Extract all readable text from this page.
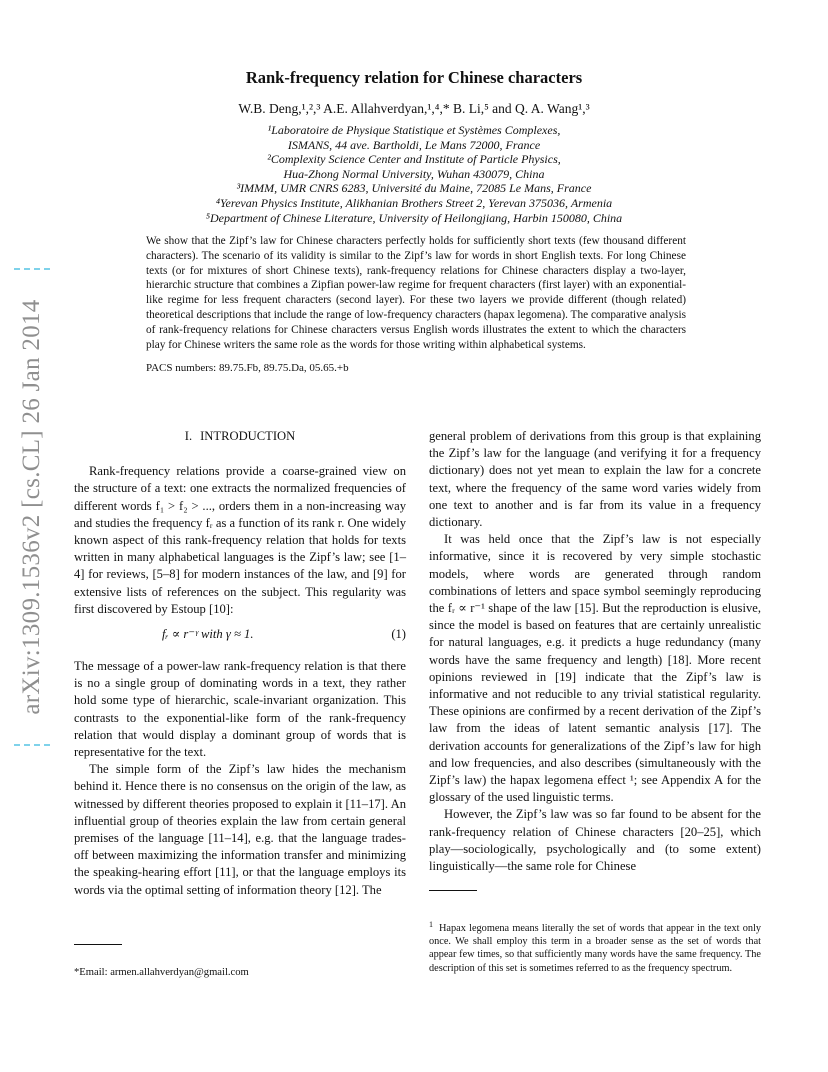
arXiv:1309.1536v2 [cs.CL] 26 Jan 2014
Rank-frequency relation for Chinese characters
W.B. Deng,¹,²,³ A.E. Allahverdyan,¹,⁴,* B. Li,⁵ and Q. A. Wang¹,³
¹Laboratoire de Physique Statistique et Systèmes Complexes,
ISMANS, 44 ave. Bartholdi, Le Mans 72000, France
²Complexity Science Center and Institute of Particle Physics,
Hua-Zhong Normal University, Wuhan 430079, China
³IMMM, UMR CNRS 6283, Université du Maine, 72085 Le Mans, France
⁴Yerevan Physics Institute, Alikhanian Brothers Street 2, Yerevan 375036, Armenia
⁵Department of Chinese Literature, University of Heilongjiang, Harbin 150080, China
We show that the Zipf’s law for Chinese characters perfectly holds for sufficiently short texts (few thousand different characters). The scenario of its validity is similar to the Zipf’s law for words in short English texts. For long Chinese texts (or for mixtures of short Chinese texts), rank-frequency relations for Chinese characters display a two-layer, hierarchic structure that combines a Zipfian power-law regime for frequent characters (first layer) with an exponential-like regime for less frequent characters (second layer). For these two layers we provide different (though related) theoretical descriptions that include the range of low-frequency characters (hapax legomena). The comparative analysis of rank-frequency relations for Chinese characters versus English words illustrates the extent to which the characters play for Chinese writers the same role as the words for those writing within alphabetical systems.
PACS numbers: 89.75.Fb, 89.75.Da, 05.65.+b
I. INTRODUCTION

Rank-frequency relations provide a coarse-grained view on the structure of a text: one extracts the normalized frequencies of different words f₁ > f₂ > ..., orders them in a non-increasing way and studies the frequency fᵣ as a function of its rank r. One widely known aspect of this rank-frequency relation that holds for texts written in many alphabetical languages is the Zipf’s law; see [1–4] for reviews, [5–8] for modern instances of the law, and [9] for extensive lists of references on the subject. This regularity was first discovered by Estoup [10]:

fᵣ ∝ r⁻ᵞ with γ ≈ 1.	(1)

The message of a power-law rank-frequency relation is that there is no a single group of dominating words in a text, they rather hold some type of hierarchic, scale-invariant organization. This contrasts to the exponential-like form of the rank-frequency relation that would display a dominant group of words that is representative for the text.

The simple form of the Zipf’s law hides the mechanism behind it. Hence there is no consensus on the origin of the law, as witnessed by different theories proposed to explain it [11–17]. An influential group of theories explain the law from certain general premises of the language [11–14], e.g. that the language trades-off between maximizing the information transfer and minimizing the speaking-hearing effort [11], or that the language employs its words via the optimal setting of information theory [12]. The

general problem of derivations from this group is that explaining the Zipf’s law for the language (and verifying it for a frequency dictionary) does not yet mean to explain the law for a concrete text, where the frequency of the same word varies widely from one text to another and is far from its value in a frequency dictionary.

It was held once that the Zipf’s law is not especially informative, since it is recovered by very simple stochastic models, where words are generated through random combinations of letters and space symbol seemingly reproducing the fᵣ ∝ r⁻¹ shape of the law [15]. But the reproduction is elusive, since the model is based on features that are certainly unrealistic for natural languages, e.g. it predicts a huge redundancy (many words have the same frequency and length) [18]. More recent opinions reviewed in [19] indicate that the Zipf’s law is informative and not reducible to any trivial statistical regularity. These opinions are confirmed by a recent derivation of the Zipf’s law from the ideas of latent semantic analysis [17]. The derivation accounts for generalizations of the Zipf’s law for high and low frequencies, and also describes (simultaneously with the Zipf’s law) the hapax legomena effect ¹; see Appendix A for the glossary of the used linguistic terms.

However, the Zipf’s law was so far found to be absent for the rank-frequency relation of Chinese characters [20–25], which play—sociologically, psychologically and (to some extent) linguistically—the same role for Chinese

*Email: armen.allahverdyan@gmail.com
$^1$ Hapax legomena means literally the set of words that appear in the text only once. We shall employ this term in a broader sense as the set of words that appear few times, so that sufficiently many words have the same frequency. The description of this set is sometimes referred to as the frequency spectrum.
